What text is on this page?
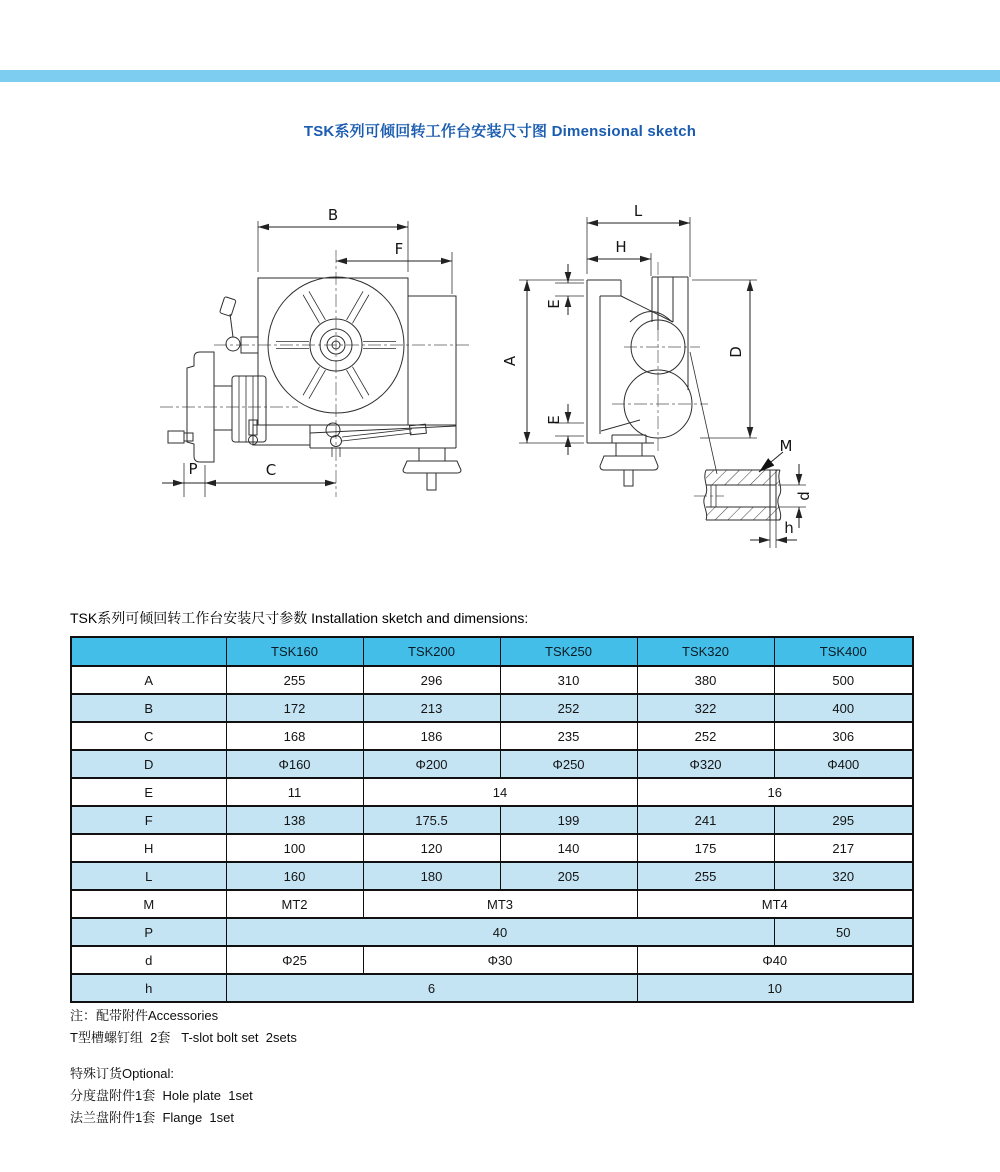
TSK系列可倾回转工作台安装尺寸图 Dimensional sketch
B
F
P	C
L
H
A
E
E
D
M
d
h
TSK系列可倾回转工作台安装尺寸参数 Installation sketch and dimensions:
	TSK160	TSK200	TSK250	TSK320	TSK400
A	255	296	310	380	500
B	172	213	252	322	400
C	168	186	235	252	306
D	Φ160	Φ200	Φ250	Φ320	Φ400
E	11	14		16	
F	138	175.5	199	241	295
H	100	120	140	175	217
L	160	180	205	255	320
M	MT2	MT3		MT4	
P	40				50
d	Φ25	Φ30		Φ40	
h	6			10	
注：配带附件Accessories
T型槽螺钉组  2套   T-slot bolt set  2sets
特殊订货Optional:
分度盘附件1套  Hole plate  1set
法兰盘附件1套  Flange  1set
